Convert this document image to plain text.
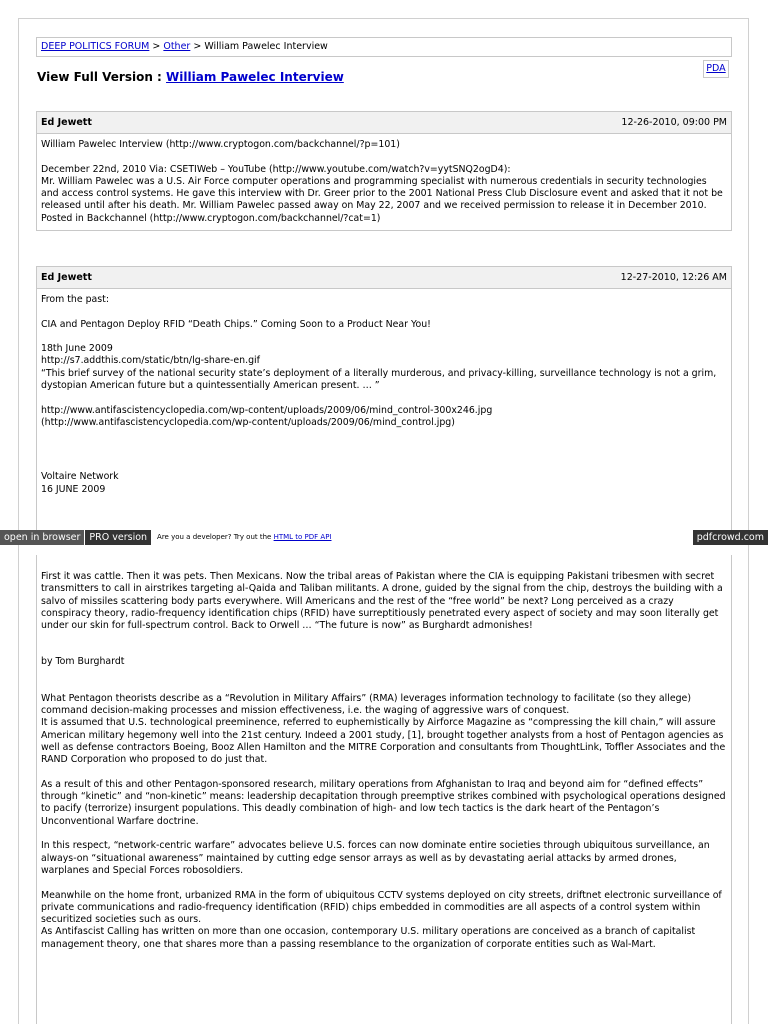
DEEP POLITICS FORUM > Other > William Pawelec Interview
PDA
View Full Version : William Pawelec Interview
Ed Jewett	12-26-2010, 09:00 PM

William Pawelec Interview (http://www.cryptogon.com/backchannel/?p=101)

December 22nd, 2010 Via: CSETIWeb – YouTube (http://www.youtube.com/watch?v=yytSNQ2ogD4):
Mr. William Pawelec was a U.S. Air Force computer operations and programming specialist with numerous credentials in security technologies and access control systems. He gave this interview with Dr. Greer prior to the 2001 National Press Club Disclosure event and asked that it not be released until after his death. Mr. William Pawelec passed away on May 22, 2007 and we received permission to release it in December 2010.
Posted in Backchannel (http://www.cryptogon.com/backchannel/?cat=1)

Ed Jewett	12-27-2010, 12:26 AM

From the past:

CIA and Pentagon Deploy RFID “Death Chips.” Coming Soon to a Product Near You!

18th June 2009
http://s7.addthis.com/static/btn/lg-share-en.gif
“This brief survey of the national security state’s deployment of a literally murderous, and privacy-killing, surveillance technology is not a grim, dystopian American future but a quintessentially American present. … ”

http://www.antifascistencyclopedia.com/wp-content/uploads/2009/06/mind_control-300x246.jpg
(http://www.antifascistencyclopedia.com/wp-content/uploads/2009/06/mind_control.jpg)

Voltaire Network
16 JUNE 2009

open in browser PRO version Are you a developer? Try out the HTML to PDF API	pdfcrowd.com

First it was cattle. Then it was pets. Then Mexicans. Now the tribal areas of Pakistan where the CIA is equipping Pakistani tribesmen with secret transmitters to call in airstrikes targeting al-Qaida and Taliban militants. A drone, guided by the signal from the chip, destroys the building with a salvo of missiles scattering body parts everywhere. Will Americans and the rest of the “free world” be next? Long perceived as a crazy conspiracy theory, radio-frequency identification chips (RFID) have surreptitiously penetrated every aspect of society and may soon literally get under our skin for full-spectrum control. Back to Orwell … “The future is now” as Burghardt admonishes!

by Tom Burghardt

What Pentagon theorists describe as a “Revolution in Military Affairs” (RMA) leverages information technology to facilitate (so they allege) command decision-making processes and mission effectiveness, i.e. the waging of aggressive wars of conquest.
It is assumed that U.S. technological preeminence, referred to euphemistically by Airforce Magazine as “compressing the kill chain,” will assure American military hegemony well into the 21st century. Indeed a 2001 study, [1], brought together analysts from a host of Pentagon agencies as well as defense contractors Boeing, Booz Allen Hamilton and the MITRE Corporation and consultants from ThoughtLink, Toffler Associates and the RAND Corporation who proposed to do just that.

As a result of this and other Pentagon-sponsored research, military operations from Afghanistan to Iraq and beyond aim for “defined effects” through “kinetic” and “non-kinetic” means: leadership decapitation through preemptive strikes combined with psychological operations designed to pacify (terrorize) insurgent populations. This deadly combination of high- and low tech tactics is the dark heart of the Pentagon’s Unconventional Warfare doctrine.

In this respect, “network-centric warfare” advocates believe U.S. forces can now dominate entire societies through ubiquitous surveillance, an always-on “situational awareness” maintained by cutting edge sensor arrays as well as by devastating aerial attacks by armed drones, warplanes and Special Forces robosoldiers.

Meanwhile on the home front, urbanized RMA in the form of ubiquitous CCTV systems deployed on city streets, driftnet electronic surveillance of private communications and radio-frequency identification (RFID) chips embedded in commodities are all aspects of a control system within securitized societies such as ours.
As Antifascist Calling has written on more than one occasion, contemporary U.S. military operations are conceived as a branch of capitalist management theory, one that shares more than a passing resemblance to the organization of corporate entities such as Wal-Mart.
